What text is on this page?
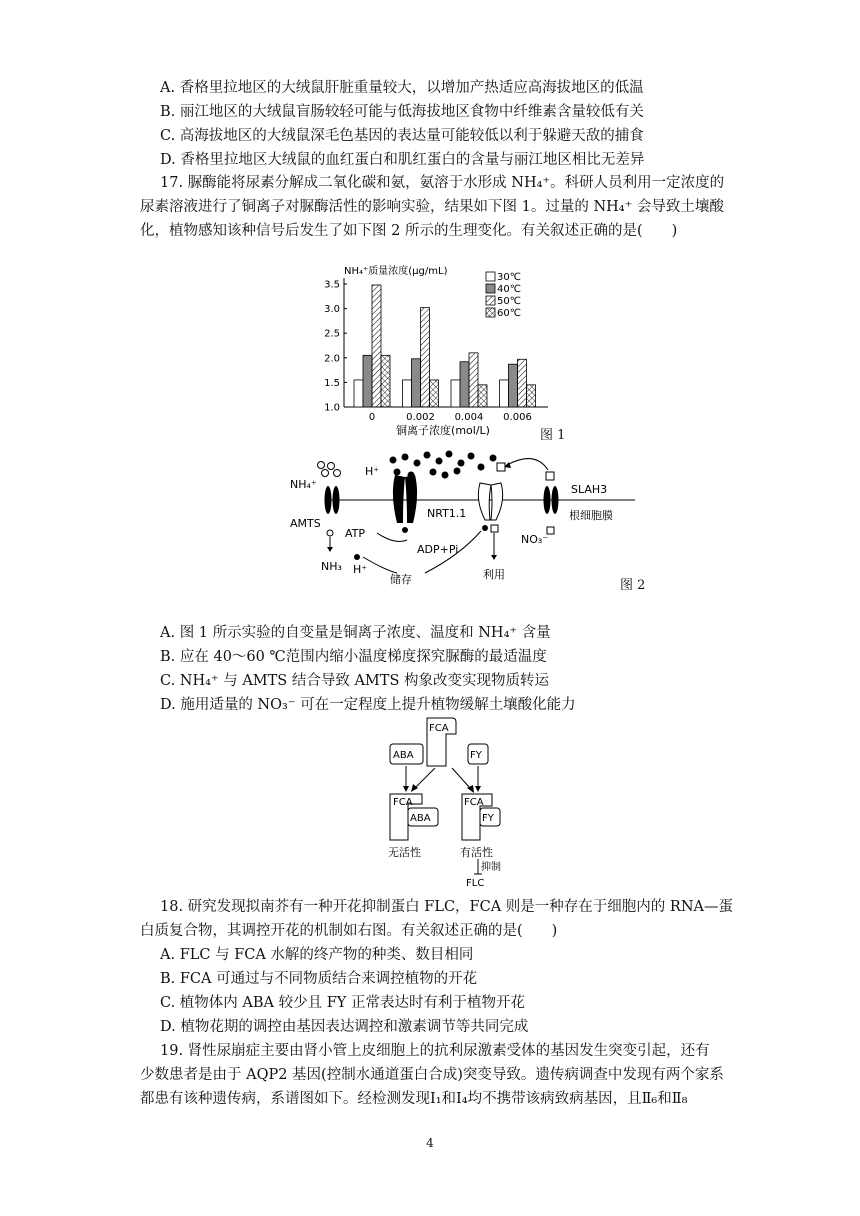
A. 香格里拉地区的大绒鼠肝脏重量较大，以增加产热适应高海拔地区的低温
B. 丽江地区的大绒鼠盲肠较轻可能与低海拔地区食物中纤维素含量较低有关
C. 高海拔地区的大绒鼠深毛色基因的表达量可能较低以利于躲避天敌的捕食
D. 香格里拉地区大绒鼠的血红蛋白和肌红蛋白的含量与丽江地区相比无差异
17. 脲酶能将尿素分解成二氧化碳和氨，氨溶于水形成 NH₄⁺。科研人员利用一定浓度的
尿素溶液进行了铜离子对脲酶活性的影响实验，结果如下图 1。过量的 NH₄⁺ 会导致土壤酸
化，植物感知该种信号后发生了如下图 2 所示的生理变化。有关叙述正确的是(　　)
1.0
1.5
2.0
2.5
3.0
3.5
0	0.002 0.004 0.006
30℃
40℃
50℃
60℃
NH₄⁺质量浓度(μg/mL)
铜离子浓度(mol/L)	图 1
NH₄⁺
AMTS
NH₃ H⁺
H⁺
ATP
ADP+Pi
NRT1.1
利用
储存
SLAH3
根细胞膜
NO₃⁻
图 2
A. 图 1 所示实验的自变量是铜离子浓度、温度和 NH₄⁺ 含量
B. 应在 40～60 ℃范围内缩小温度梯度探究脲酶的最适温度
C. NH₄⁺ 与 AMTS 结合导致 AMTS 构象改变实现物质转运
D. 施用适量的 NO₃⁻ 可在一定程度上提升植物缓解土壤酸化能力
FCA
ABA	FY
FCA
ABA
FCA
FY
无活性	有活性
抑制
FLC
18. 研究发现拟南芥有一种开花抑制蛋白 FLC，FCA 则是一种存在于细胞内的 RNA—蛋
白质复合物，其调控开花的机制如右图。有关叙述正确的是(　　)
A. FLC 与 FCA 水解的终产物的种类、数目相同
B. FCA 可通过与不同物质结合来调控植物的开花
C. 植物体内 ABA 较少且 FY 正常表达时有利于植物开花
D. 植物花期的调控由基因表达调控和激素调节等共同完成
19. 肾性尿崩症主要由肾小管上皮细胞上的抗利尿激素受体的基因发生突变引起，还有
少数患者是由于 AQP2 基因(控制水通道蛋白合成)突变导致。遗传病调查中发现有两个家系
都患有该种遗传病，系谱图如下。经检测发现Ⅰ₁和Ⅰ₄均不携带该病致病基因，且Ⅱ₆和Ⅱ₈
4
